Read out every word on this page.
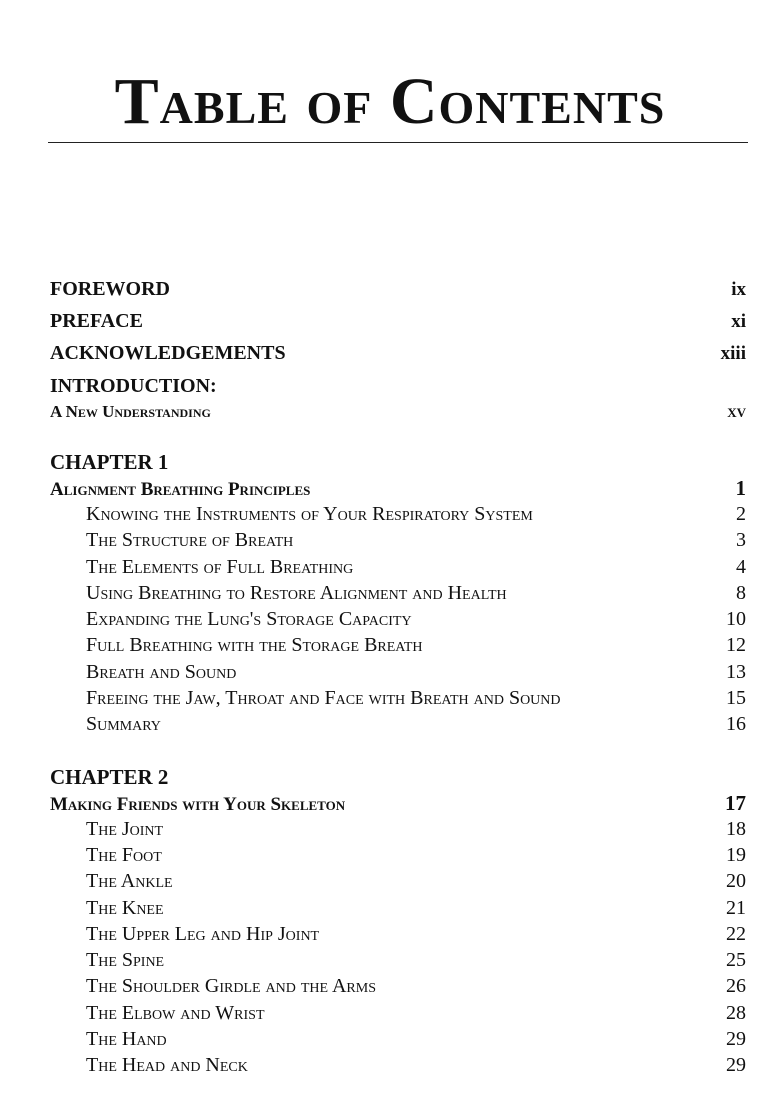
Table of Contents
FOREWORD	ix
PREFACE	xi
ACKNOWLEDGEMENTS	xiii
INTRODUCTION:
A New Understanding	xv
CHAPTER 1
Alignment Breathing Principles	1
Knowing the Instruments of Your Respiratory System	2
The Structure of Breath	3
The Elements of Full Breathing	4
Using Breathing to Restore Alignment and Health	8
Expanding the Lung's Storage Capacity	10
Full Breathing with the Storage Breath	12
Breath and Sound	13
Freeing the Jaw, Throat and Face with Breath and Sound	15
Summary	16
CHAPTER 2
Making Friends with Your Skeleton	17
The Joint	18
The Foot	19
The Ankle	20
The Knee	21
The Upper Leg and Hip Joint	22
The Spine	25
The Shoulder Girdle and the Arms	26
The Elbow and Wrist	28
The Hand	29
The Head and Neck	29
